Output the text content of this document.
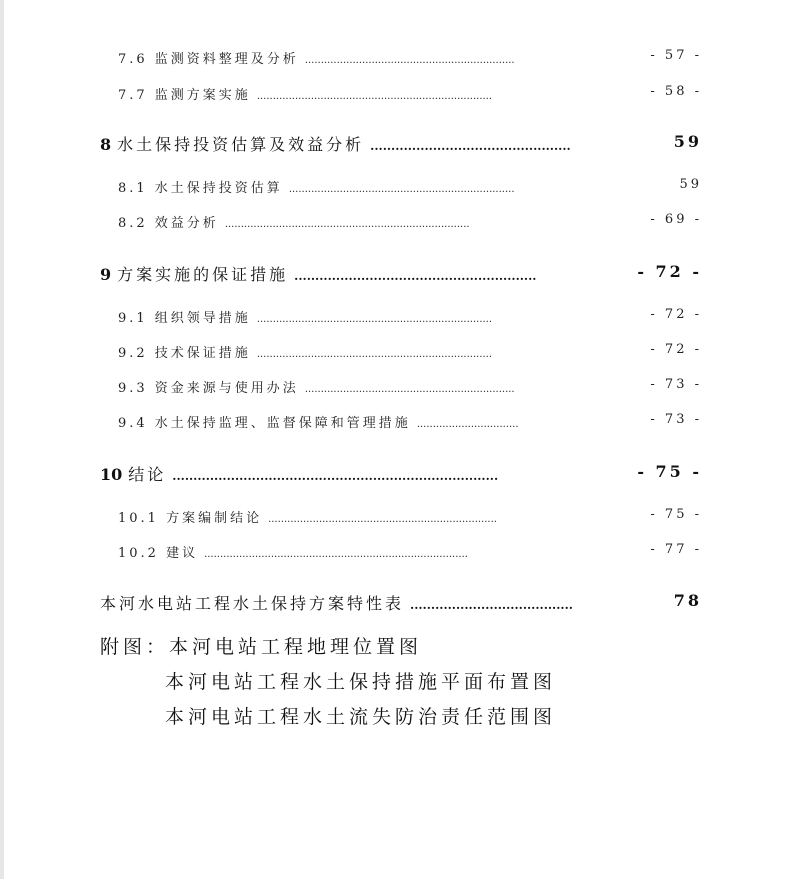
7.6 监测资料整理及分析 ..................................................................	- 57 -
7.7 监测方案实施 ..........................................................................	- 58 -
8 水土保持投资估算及效益分析 ................................................	59
8.1 水土保持投资估算 .......................................................................	59
8.2 效益分析 .............................................................................	- 69 -
9 方案实施的保证措施 ..........................................................	- 72 -
9.1 组织领导措施 ..........................................................................	- 72 -
9.2 技术保证措施 ..........................................................................	- 72 -
9.3 资金来源与使用办法 ..................................................................	- 73 -
9.4 水土保持监理、监督保障和管理措施 ................................	- 73 -
10 结论 ..............................................................................	- 75 -
10.1 方案编制结论 ........................................................................	- 75 -
10.2 建议 ...................................................................................	- 77 -
本河水电站工程水土保持方案特性表 .......................................	78
附图：本河电站工程地理位置图
本河电站工程水土保持措施平面布置图
本河电站工程水土流失防治责任范围图
